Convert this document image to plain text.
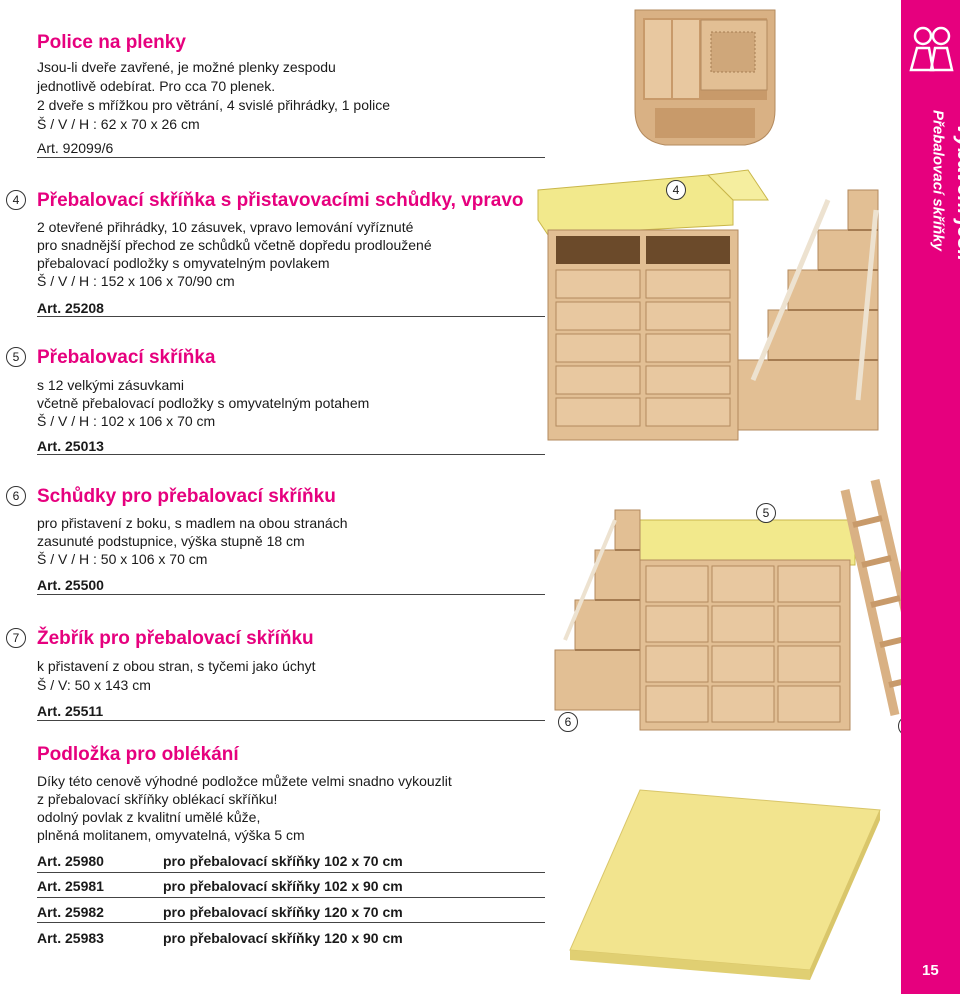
Police na plenky
Jsou-li dveře zavřené, je možné plenky zespodu
jednotlivě odebírat. Pro cca 70 plenek.
2 dveře s mřížkou pro větrání, 4 svislé přihrádky, 1 police
Š / V / H : 62 x 70 x 26 cm
Art. 92099/6
4 Přebalovací skříňka s přistavovacími schůdky, vpravo
2 otevřené přihrádky, 10 zásuvek, vpravo lemování vyříznuté
pro snadnější přechod ze schůdků včetně dopředu prodloužené
přebalovací podložky s omyvatelným povlakem
Š / V / H : 152 x 106 x 70/90 cm
Art. 25208
5 Přebalovací skříňka
s 12 velkými zásuvkami
včetně přebalovací podložky s omyvatelným potahem
Š / V / H : 102 x 106 x 70 cm
Art. 25013
6 Schůdky pro přebalovací skříňku
pro přistavení z boku, s madlem na obou stranách
zasunuté podstupnice, výška stupně 18 cm
Š / V / H : 50 x 106 x 70 cm
Art. 25500
7 Žebřík pro přebalovací skříňku
k přistavení z obou stran, s tyčemi jako úchyt
Š / V: 50 x 143 cm
Art. 25511
Podložka pro oblékání
Díky této cenově výhodné podložce můžete velmi snadno vykouzlit
z přebalovací skříňky oblékací skříňku!
odolný povlak z kvalitní umělé kůže,
plněná molitanem, omyvatelná, výška 5 cm
Art. 25980	pro přebalovací skříňky 102 x 70 cm
Art. 25981	pro přebalovací skříňky 102 x 90 cm
Art. 25982	pro přebalovací skříňky 120 x 70 cm
Art. 25983	pro přebalovací skříňky 120 x 90 cm
4
5
6
Vybavení jeslí
Přebalovací skříňky
15
